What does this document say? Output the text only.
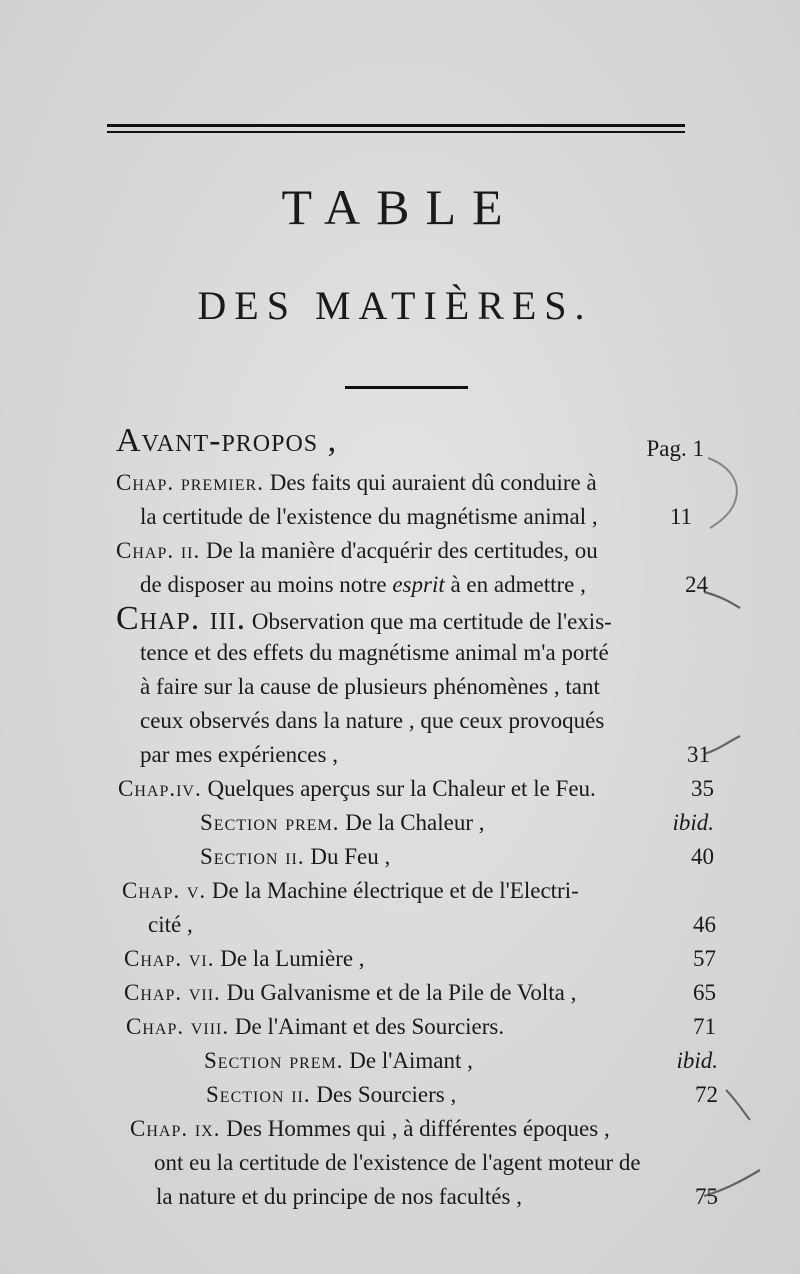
TABLE
DES MATIÈRES.
Avant-propos ,	Pag. 1
Chap. premier. Des faits qui auraient dû conduire à
la certitude de l'existence du magnétisme animal ,	11
Chap. ii. De la manière d'acquérir des certitudes, ou
de disposer au moins notre esprit à en admettre ,	24
Chap. iii. Observation que ma certitude de l'exis-
tence et des effets du magnétisme animal m'a porté
à faire sur la cause de plusieurs phénomènes , tant
ceux observés dans la nature , que ceux provoqués
par mes expériences ,	31
Chap.iv. Quelques aperçus sur la Chaleur et le Feu.	35
Section prem. De la Chaleur ,	ibid.
Section ii. Du Feu ,	40
Chap. v. De la Machine électrique et de l'Electri-
cité ,	46
Chap. vi. De la Lumière ,	57
Chap. vii. Du Galvanisme et de la Pile de Volta ,	65
Chap. viii. De l'Aimant et des Sourciers.	71
Section prem. De l'Aimant ,	ibid.
Section ii. Des Sourciers ,	72
Chap. ix. Des Hommes qui , à différentes époques ,
ont eu la certitude de l'existence de l'agent moteur de
la nature et du principe de nos facultés ,	75
